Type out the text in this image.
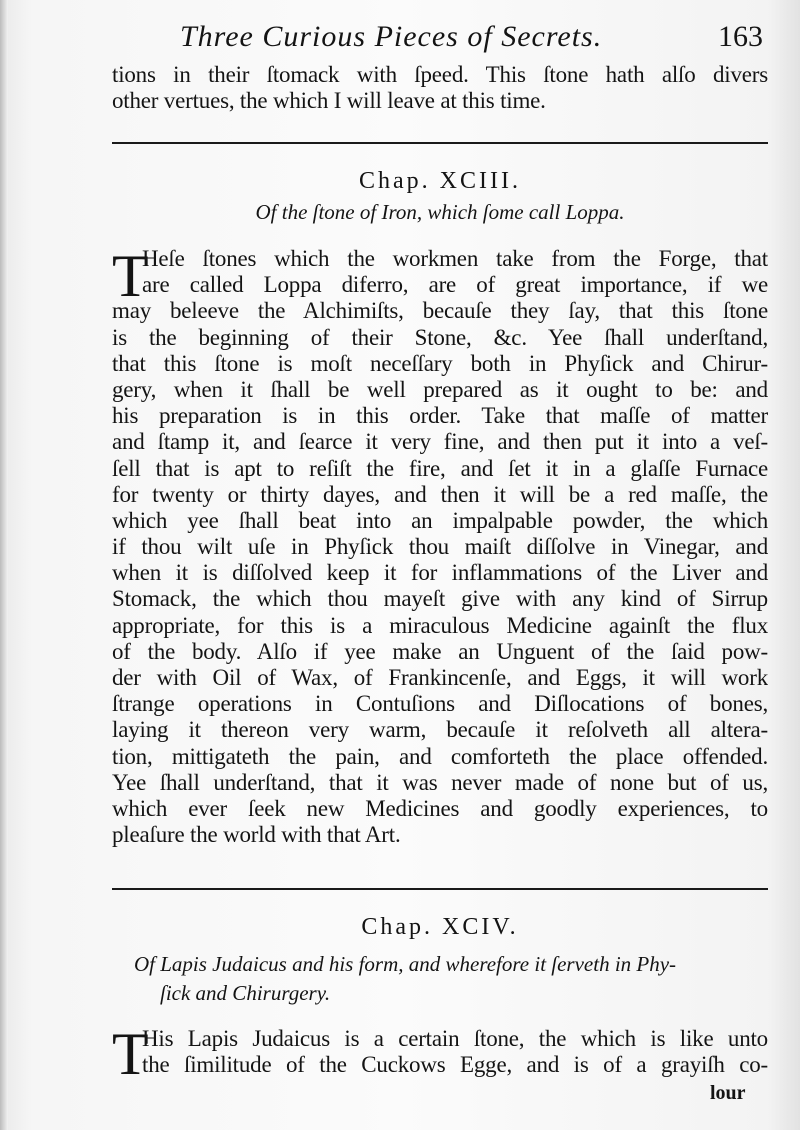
Three Curious Pieces of Secrets.	163
tions in their ſtomack with ſpeed. This ſtone hath alſo divers
other vertues, the which I will leave at this time.
Chap. XCIII.
Of the ſtone of Iron, which ſome call Loppa.
T
Heſe ſtones which the workmen take from the Forge, that
are called Loppa diferro, are of great importance, if we
may beleeve the Alchimiſts, becauſe they ſay, that this ſtone
is the beginning of their Stone, &c. Yee ſhall underſtand,
that this ſtone is moſt neceſſary both in Phyſick and Chirur-
gery, when it ſhall be well prepared as it ought to be: and
his preparation is in this order. Take that maſſe of matter
and ſtamp it, and ſearce it very fine, and then put it into a veſ-
ſell that is apt to reſiſt the fire, and ſet it in a glaſſe Furnace
for twenty or thirty dayes, and then it will be a red maſſe, the
which yee ſhall beat into an impalpable powder, the which
if thou wilt uſe in Phyſick thou maiſt diſſolve in Vinegar, and
when it is diſſolved keep it for inflammations of the Liver and
Stomack, the which thou mayeſt give with any kind of Sirrup
appropriate, for this is a miraculous Medicine againſt the flux
of the body. Alſo if yee make an Unguent of the ſaid pow-
der with Oil of Wax, of Frankincenſe, and Eggs, it will work
ſtrange operations in Contuſions and Diſlocations of bones,
laying it thereon very warm, becauſe it reſolveth all altera-
tion, mittigateth the pain, and comforteth the place offended.
Yee ſhall underſtand, that it was never made of none but of us,
which ever ſeek new Medicines and goodly experiences, to
pleaſure the world with that Art.
Chap. XCIV.
Of Lapis Judaicus and his form, and wherefore it ſerveth in Phy-
ſick and Chirurgery.
T
His Lapis Judaicus is a certain ſtone, the which is like unto
the ſimilitude of the Cuckows Egge, and is of a grayiſh co-
lour
